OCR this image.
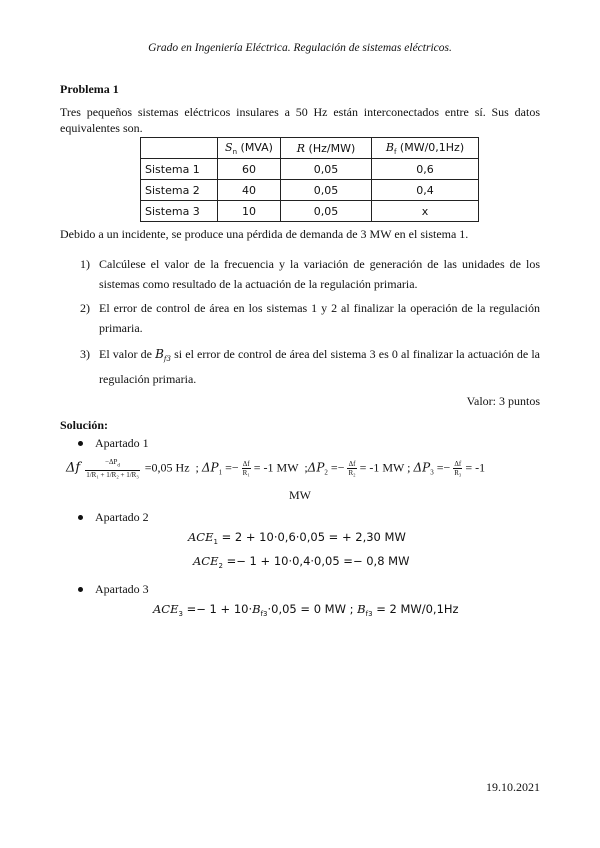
Grado en Ingeniería Eléctrica. Regulación de sistemas eléctricos.
Problema 1
Tres pequeños sistemas eléctricos insulares a 50 Hz están interconectados entre sí. Sus datos equivalentes son.
	$S_n$ (MVA)	R (Hz/MW)	$B_f$ (MW/0,1Hz)
Sistema 1	60	0,05	0,6
Sistema 2	40	0,05	0,4
Sistema 3	10	0,05	x
Debido a un incidente, se produce una pérdida de demanda de 3 MW en el sistema 1.
1) Calcúlese el valor de la frecuencia y la variación de generación de las unidades de los sistemas como resultado de la actuación de la regulación primaria.
2) El error de control de área en los sistemas 1 y 2 al finalizar la operación de la regulación primaria.
3) El valor de $B_{f3}$ si el error de control de área del sistema 3 es 0 al finalizar la actuación de la regulación primaria.
Valor: 3 puntos
Solución:
Apartado 1
Δf $\frac{-\Delta P_d}{\text{1/R₁ + 1/R₂ + 1/R₃}} =0,05$ Hz  ; $\Delta P_1 =- \frac{\Delta f}{\text{R₁}} = -1$ MW  $;\Delta P_2 =- \frac{\Delta f}{\text{R₂}} = -1$ MW ; $\Delta P_3 =- \frac{\Delta f}{\text{R₃}} = -1$
MW
Apartado 2
$ACE_1 = 2 + 10\cdot 0,6\cdot 0,05$ = + 2,30 MW
$ACE_2 =- 1 + 10\cdot 0,4\cdot 0,05 =- 0,8$ MW
Apartado 3
$ACE_3 =- 1 + 10\cdot B_{f3}\cdot 0,05 = 0$ MW ; $B_{f3} = 2$ MW/0,1Hz
19.10.2021
